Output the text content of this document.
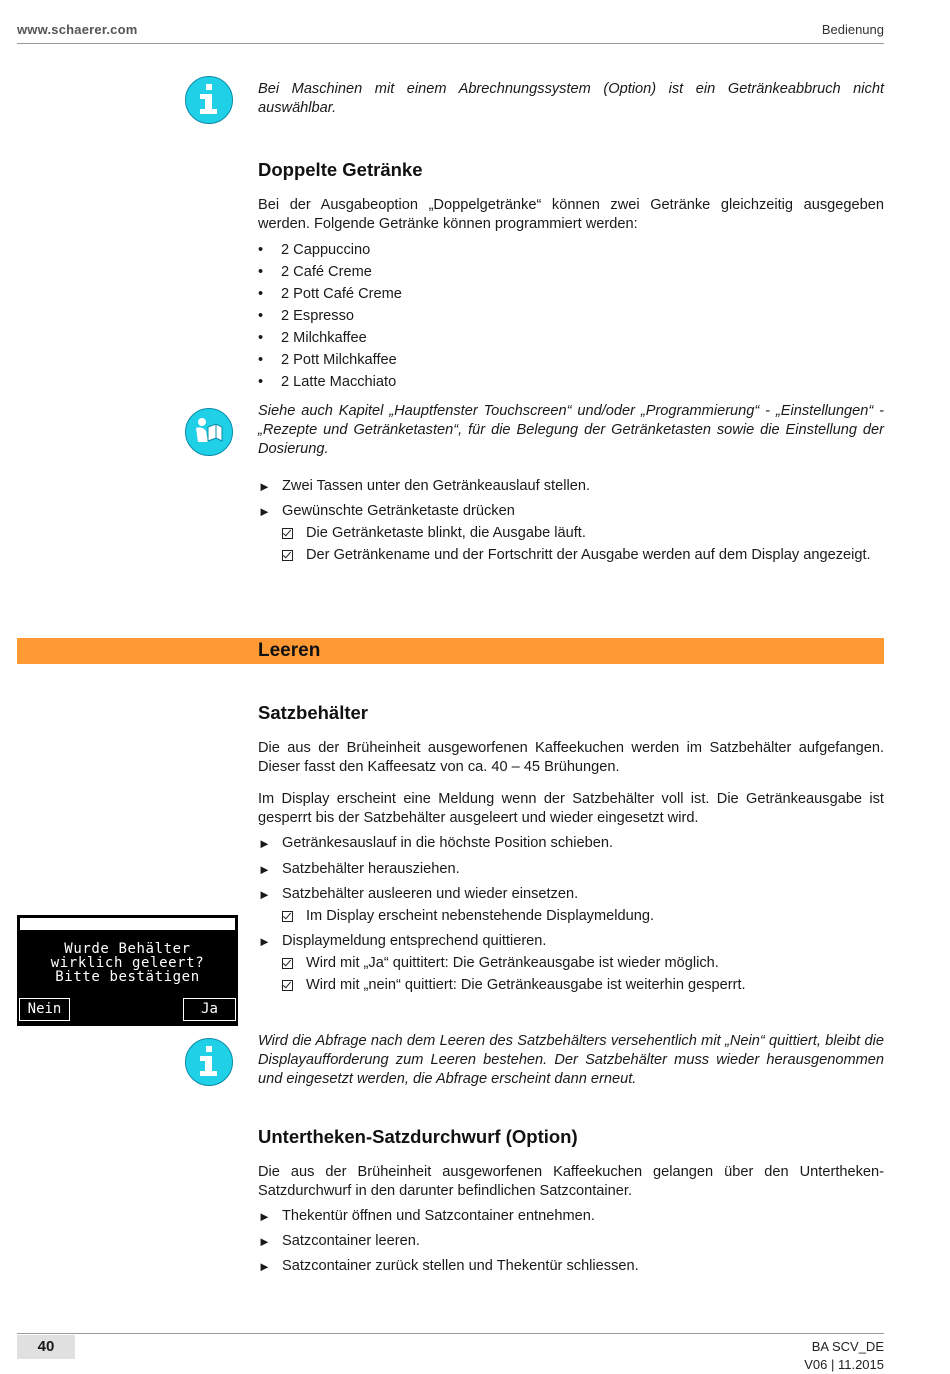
www.schaerer.com	Bedienung

Bei Maschinen mit einem Abrechnungssystem (Option) ist ein Getränkeabbruch nicht auswählbar.

Doppelte Getränke

Bei der Ausgabeoption „Doppelgetränke“ können zwei Getränke gleichzeitig ausgegeben werden. Folgende Getränke können programmiert werden:

• 2 Cappuccino
• 2 Café Creme
• 2 Pott Café Creme
• 2 Espresso
• 2 Milchkaffee
• 2 Pott Milchkaffee
• 2 Latte Macchiato

Siehe auch Kapitel „Hauptfenster Touchscreen“ und/oder „Programmierung“ - „Einstellungen“ - „Rezepte und Getränketasten“, für die Belegung der Getränketasten sowie die Einstellung der Dosierung.

► Zwei Tassen unter den Getränkeauslauf stellen.
► Gewünschte Getränketaste drücken
Die Getränketaste blinkt, die Ausgabe läuft.
Der Getränkename und der Fortschritt der Ausgabe werden auf dem Display angezeigt.
Leeren
Satzbehälter

Die aus der Brüheinheit ausgeworfenen Kaffeekuchen werden im Satzbehälter aufgefangen. Dieser fasst den Kaffeesatz von ca. 40 – 45 Brühungen.

Im Display erscheint eine Meldung wenn der Satzbehälter voll ist. Die Getränkeausgabe ist gesperrt bis der Satzbehälter ausgeleert und wieder eingesetzt wird.

► Getränkesauslauf in die höchste Position schieben.
► Satzbehälter herausziehen.
► Satzbehälter ausleeren und wieder einsetzen.
Im Display erscheint nebenstehende Displaymeldung.
► Displaymeldung entsprechend quittieren.
Wird mit „Ja“ quittitert: Die Getränkeausgabe ist wieder möglich.
Wird mit „nein“ quittiert: Die Getränkeausgabe ist weiterhin gesperrt.
Wurde Behälter
wirklich geleert?
Bitte bestätigen
Nein	Ja

Wird die Abfrage nach dem Leeren des Satzbehälters versehentlich mit „Nein“ quittiert, bleibt die Displayaufforderung zum Leeren bestehen. Der Satzbehälter muss wieder herausgenommen und eingesetzt werden, die Abfrage erscheint dann erneut.

Untertheken-Satzdurchwurf (Option)

Die aus der Brüheinheit ausgeworfenen Kaffeekuchen gelangen über den Untertheken-Satzdurchwurf in den darunter befindlichen Satzcontainer.

► Thekentür öffnen und Satzcontainer entnehmen.
► Satzcontainer leeren.
► Satzcontainer zurück stellen und Thekentür schliessen.
40	BA SCV_DE
V06 | 11.2015
